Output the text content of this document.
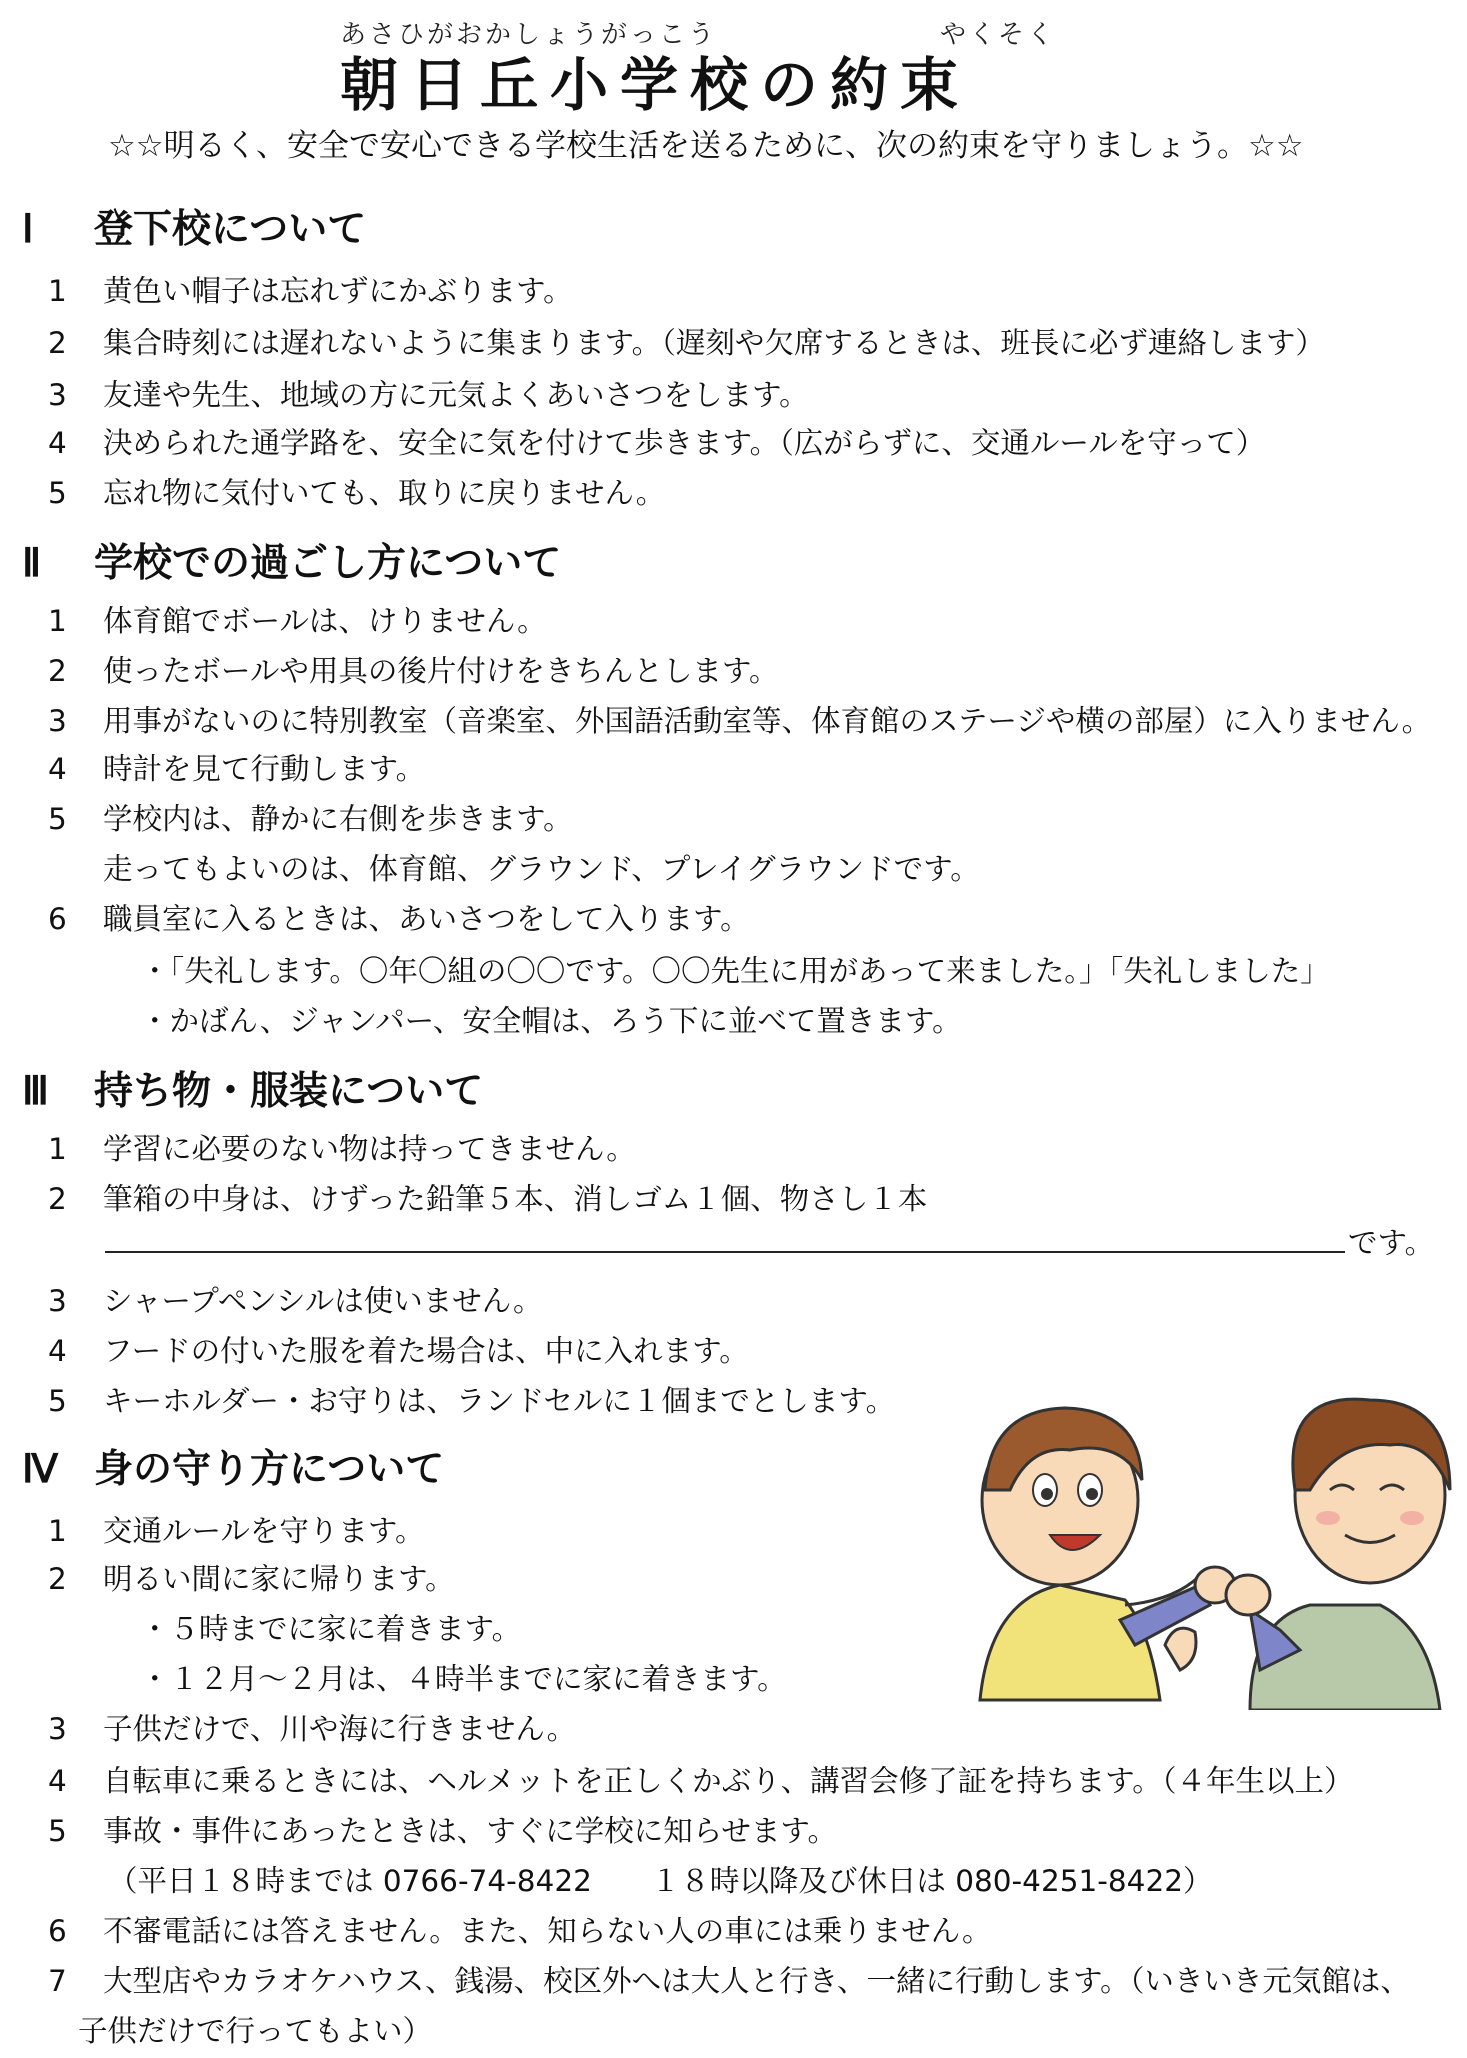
あさひがおかしょうがっこう	やくそく
朝日丘小学校の約束
☆☆明るく、安全で安心できる学校生活を送るために、次の約束を守りましょう。☆☆
Ⅰ 登下校について
1 黄色い帽子は忘れずにかぶります。
2 集合時刻には遅れないように集まります。（遅刻や欠席するときは、班長に必ず連絡します）
3 友達や先生、地域の方に元気よくあいさつをします。
4 決められた通学路を、安全に気を付けて歩きます。（広がらずに、交通ルールを守って）
5 忘れ物に気付いても、取りに戻りません。
Ⅱ 学校での過ごし方について
1 体育館でボールは、けりません。
2 使ったボールや用具の後片付けをきちんとします。
3 用事がないのに特別教室（音楽室、外国語活動室等、体育館のステージや横の部屋）に入りません。
4 時計を見て行動します。
5 学校内は、静かに右側を歩きます。
走ってもよいのは、体育館、グラウンド、プレイグラウンドです。
6 職員室に入るときは、あいさつをして入ります。
・「失礼します。〇年〇組の〇〇です。〇〇先生に用があって来ました。」「失礼しました」
・かばん、ジャンパー、安全帽は、ろう下に並べて置きます。
Ⅲ 持ち物・服装について
1 学習に必要のない物は持ってきません。
2 筆箱の中身は、けずった鉛筆５本、消しゴム１個、物さし１本
です。
3 シャープペンシルは使いません。
4 フードの付いた服を着た場合は、中に入れます。
5 キーホルダー・お守りは、ランドセルに１個までとします。
Ⅳ 身の守り方について
1 交通ルールを守ります。
2 明るい間に家に帰ります。
・５時までに家に着きます。
・１２月～２月は、４時半までに家に着きます。
3 子供だけで、川や海に行きません。
4 自転車に乗るときには、ヘルメットを正しくかぶり、講習会修了証を持ちます。（４年生以上）
5 事故・事件にあったときは、すぐに学校に知らせます。
（平日１８時までは 0766-74-8422　　１８時以降及び休日は 080-4251-8422）
6 不審電話には答えません。また、知らない人の車には乗りません。
7 大型店やカラオケハウス、銭湯、校区外へは大人と行き、一緒に行動します。（いきいき元気館は、
子供だけで行ってもよい）
